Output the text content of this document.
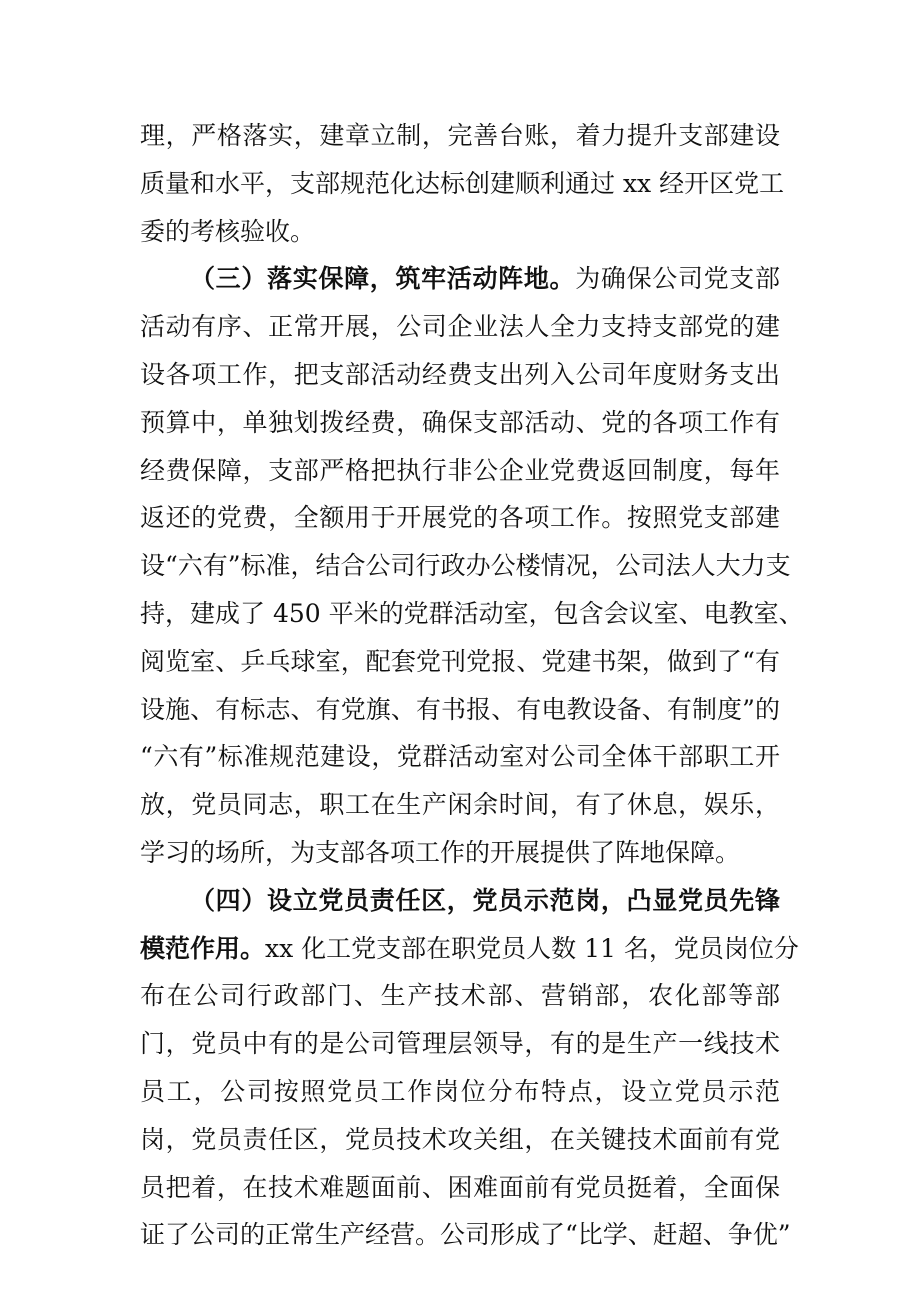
理，严格落实，建章立制，完善台账，着力提升支部建设
质量和水平，支部规范化达标创建顺利通过 xx 经开区党工
委的考核验收。
（三）落实保障，筑牢活动阵地。为确保公司党支部
活动有序、正常开展，公司企业法人全力支持支部党的建
设各项工作，把支部活动经费支出列入公司年度财务支出
预算中，单独划拨经费，确保支部活动、党的各项工作有
经费保障，支部严格把执行非公企业党费返回制度，每年
返还的党费，全额用于开展党的各项工作。按照党支部建
设“六有”标准，结合公司行政办公楼情况，公司法人大力支
持，建成了 450 平米的党群活动室，包含会议室、电教室、
阅览室、乒乓球室，配套党刊党报、党建书架，做到了“有
设施、有标志、有党旗、有书报、有电教设备、有制度”的
“六有”标准规范建设，党群活动室对公司全体干部职工开
放，党员同志，职工在生产闲余时间，有了休息，娱乐，
学习的场所，为支部各项工作的开展提供了阵地保障。
（四）设立党员责任区，党员示范岗，凸显党员先锋
模范作用。xx 化工党支部在职党员人数 11 名，党员岗位分
布在公司行政部门、生产技术部、营销部，农化部等部
门，党员中有的是公司管理层领导，有的是生产一线技术
员工，公司按照党员工作岗位分布特点，设立党员示范
岗，党员责任区，党员技术攻关组，在关键技术面前有党
员把着，在技术难题面前、困难面前有党员挺着，全面保
证了公司的正常生产经营。公司形成了“比学、赶超、争优”
